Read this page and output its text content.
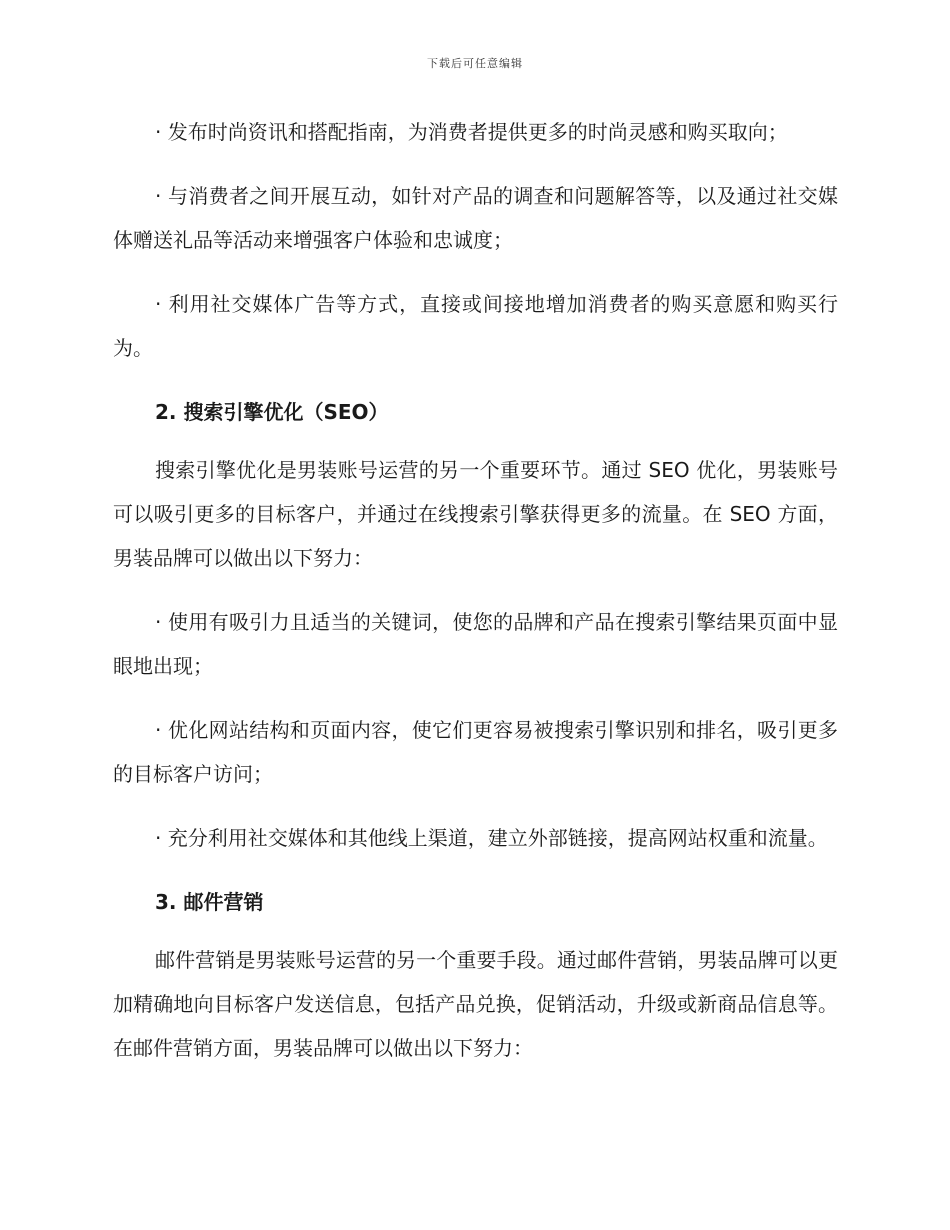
下载后可任意编辑

· 发布时尚资讯和搭配指南，为消费者提供更多的时尚灵感和购买取向；

· 与消费者之间开展互动，如针对产品的调查和问题解答等，以及通过社交媒体赠送礼品等活动来增强客户体验和忠诚度；

· 利用社交媒体广告等方式，直接或间接地增加消费者的购买意愿和购买行为。

2. 搜索引擎优化（SEO）

搜索引擎优化是男装账号运营的另一个重要环节。通过 SEO 优化，男装账号可以吸引更多的目标客户，并通过在线搜索引擎获得更多的流量。在 SEO 方面，男装品牌可以做出以下努力：

· 使用有吸引力且适当的关键词，使您的品牌和产品在搜索引擎结果页面中显眼地出现；

· 优化网站结构和页面内容，使它们更容易被搜索引擎识别和排名，吸引更多的目标客户访问；

· 充分利用社交媒体和其他线上渠道，建立外部链接，提高网站权重和流量。

3. 邮件营销

邮件营销是男装账号运营的另一个重要手段。通过邮件营销，男装品牌可以更加精确地向目标客户发送信息，包括产品兑换，促销活动，升级或新商品信息等。在邮件营销方面，男装品牌可以做出以下努力：
